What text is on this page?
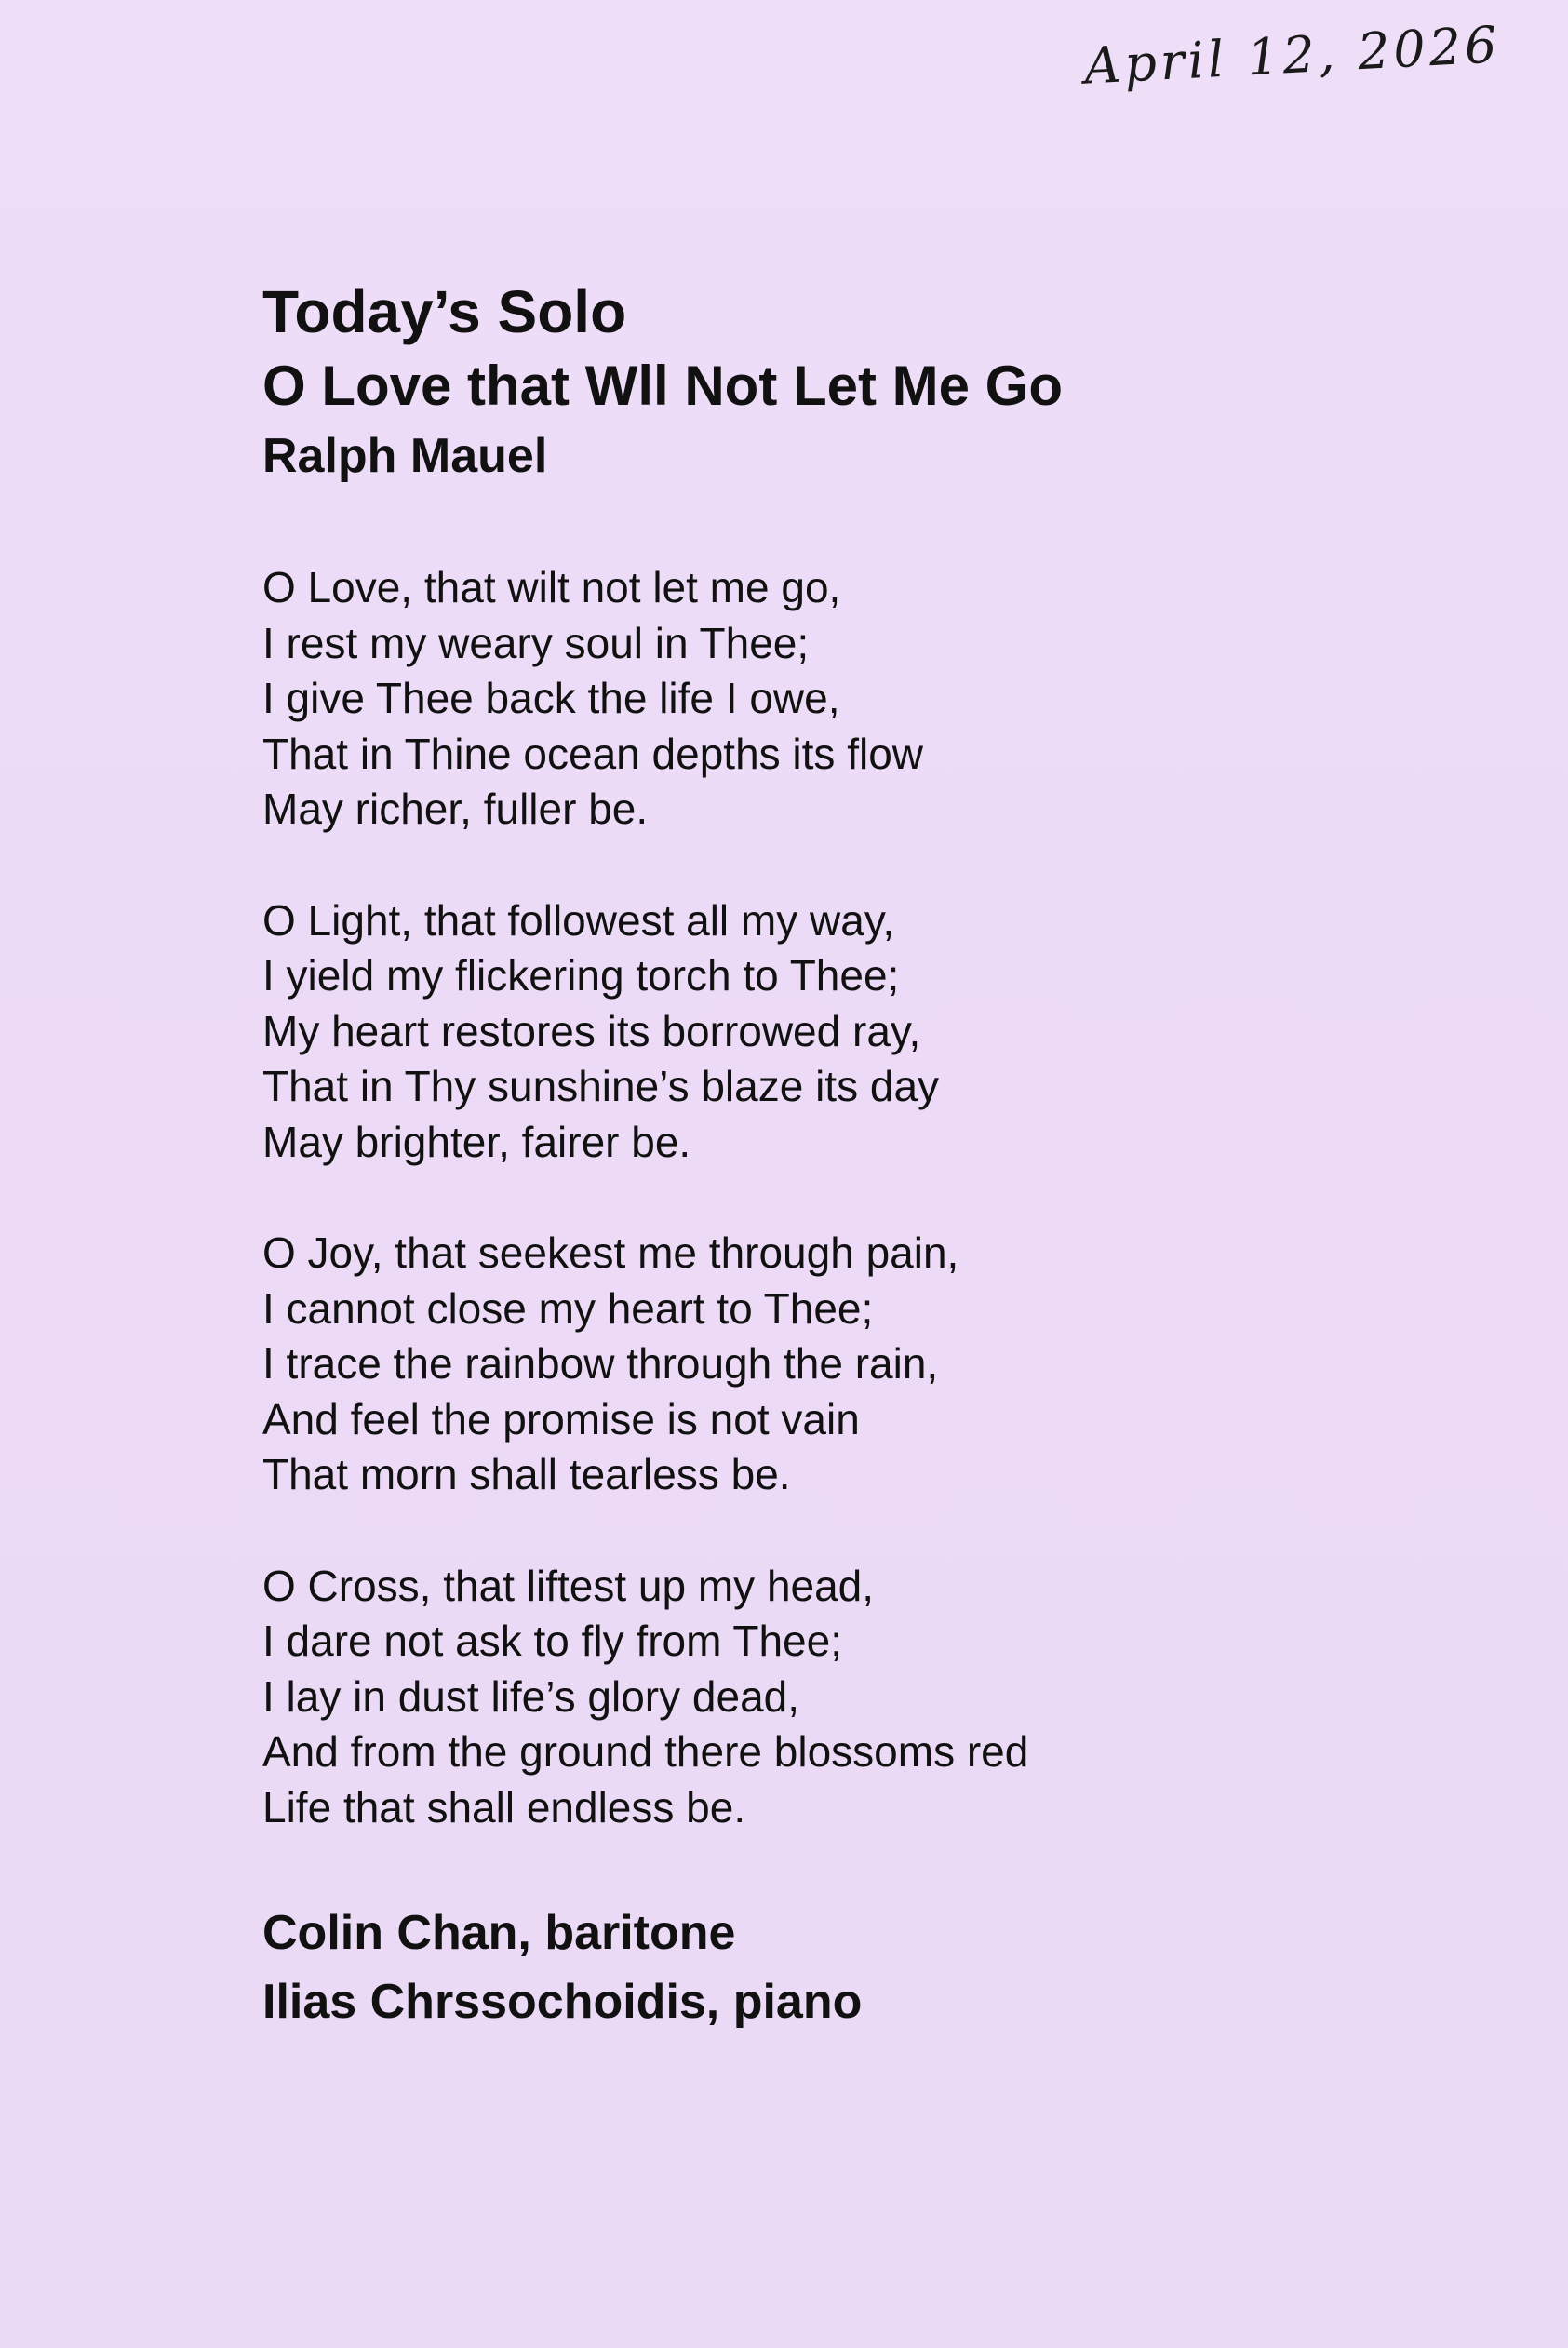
April 12, 2026
Today’s Solo
O Love that Wll Not Let Me Go
Ralph Mauel
O Love, that wilt not let me go,
I rest my weary soul in Thee;
I give Thee back the life I owe,
That in Thine ocean depths its flow
May richer, fuller be.
O Light, that followest all my way,
I yield my flickering torch to Thee;
My heart restores its borrowed ray,
That in Thy sunshine’s blaze its day
May brighter, fairer be.
O Joy, that seekest me through pain,
I cannot close my heart to Thee;
I trace the rainbow through the rain,
And feel the promise is not vain
That morn shall tearless be.
O Cross, that liftest up my head,
I dare not ask to fly from Thee;
I lay in dust life’s glory dead,
And from the ground there blossoms red
Life that shall endless be.
Colin Chan, baritone
Ilias Chrssochoidis, piano
